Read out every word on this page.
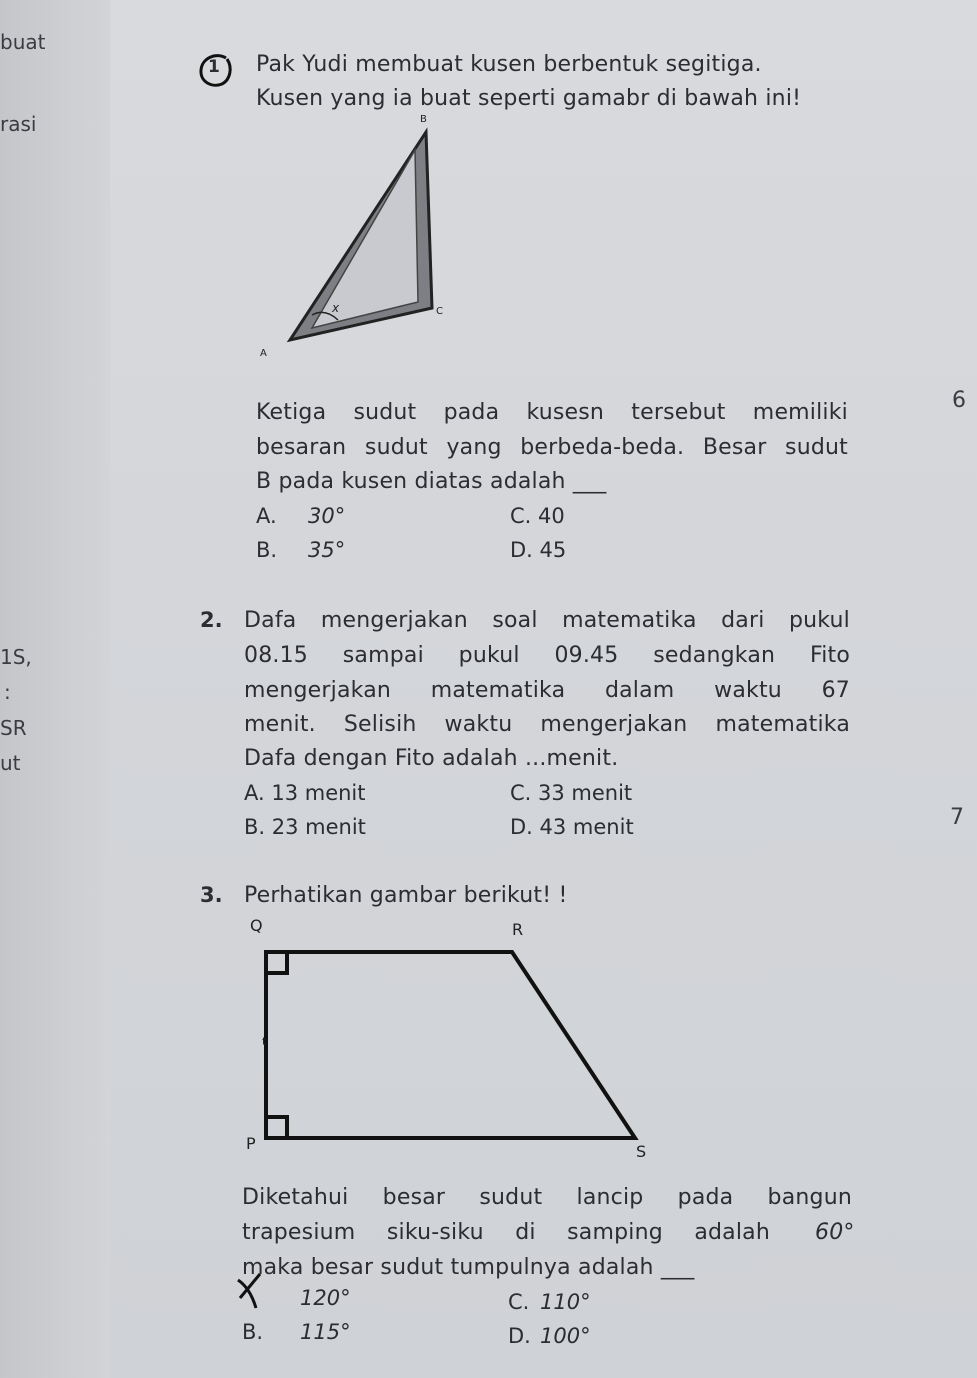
buat
rasi
1S,
:
SR
ut
6
7
1 Pak Yudi membuat kusen berbentuk segitiga.
Kusen yang ia buat seperti gamabr di bawah ini!
B
C
A
x
Ketiga sudut pada kusesn tersebut memiliki
besaran sudut yang berbeda-beda. Besar sudut
B pada kusen diatas adalah ___
A. 30°	C. 40
B. 35°	D. 45
2. Dafa mengerjakan soal matematika dari pukul
08.15 sampai pukul 09.45 sedangkan Fito
mengerjakan matematika dalam waktu 67
menit. Selisih waktu mengerjakan matematika
Dafa dengan Fito adalah ...menit.
A. 13 menit	C. 33 menit
B. 23 menit	D. 43 menit
3. Perhatikan gambar berikut! !
Q	R
P	S
t
Diketahui besar sudut lancip pada bangun
trapesium siku-siku di samping adalah 60°
maka besar sudut tumpulnya adalah ___
120°	C. 110°
B. 115°	D. 100°
